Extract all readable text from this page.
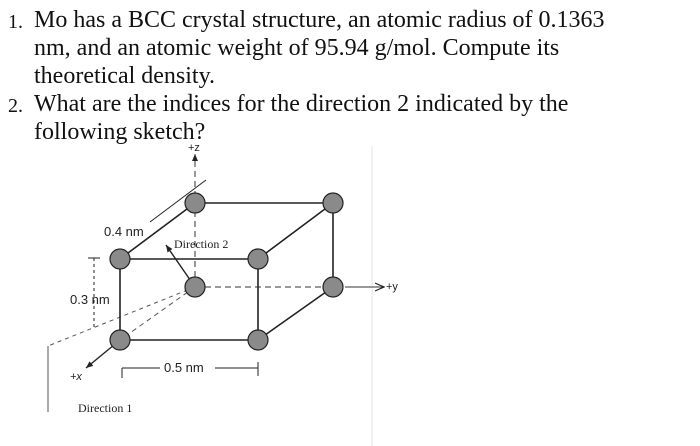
1. Mo has a BCC crystal structure, an atomic radius of 0.1363
nm, and an atomic weight of 95.94 g/mol. Compute its
theoretical density.
2. What are the indices for the direction 2 indicated by the
following sketch?
+z
+y
+x
0.4 nm
0.3 nm
0.5 nm
Direction 2
Direction 1
